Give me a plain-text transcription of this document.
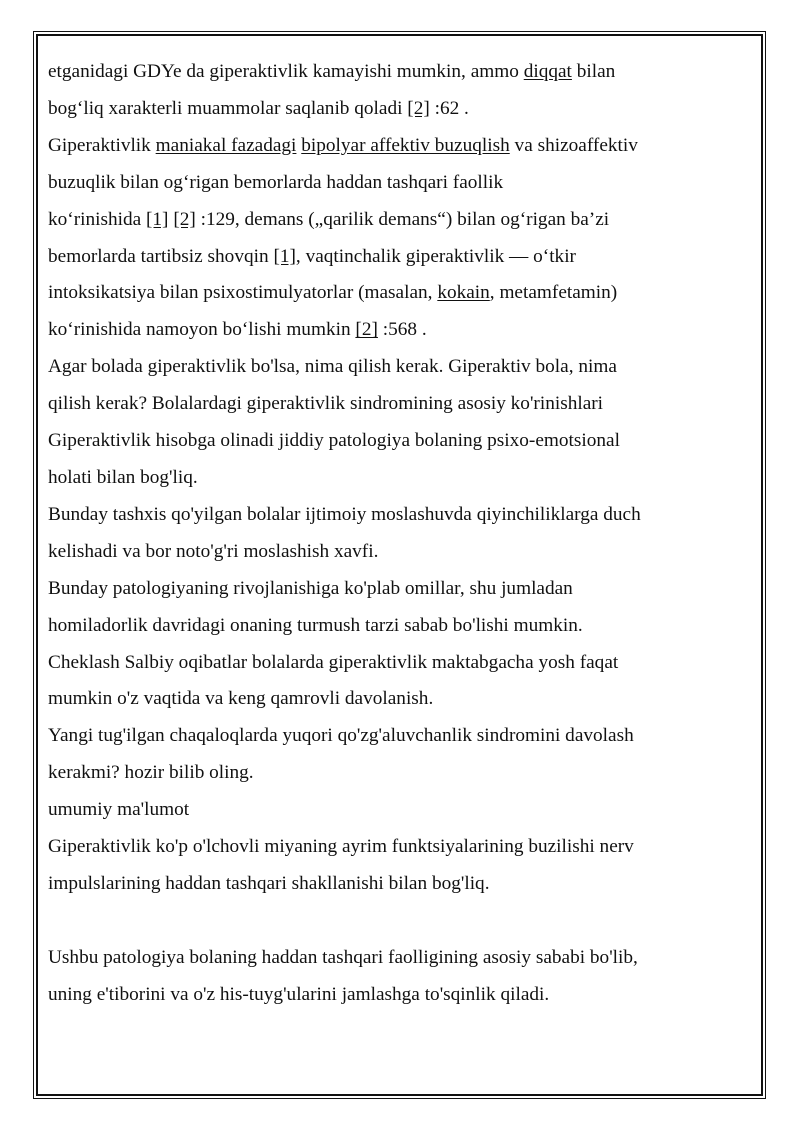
etganidagi GDYe da giperaktivlik kamayishi mumkin, ammo diqqat bilan
bog‘liq xarakterli muammolar saqlanib qoladi [2] :62 .
Giperaktivlik maniakal fazadagi bipolyar affektiv buzuqlish va shizoaffektiv
buzuqlik bilan og‘rigan bemorlarda haddan tashqari faollik
ko‘rinishida [1] [2] :129, demans („qarilik demans“) bilan og‘rigan ba’zi
bemorlarda tartibsiz shovqin [1], vaqtinchalik giperaktivlik — o‘tkir
intoksikatsiya bilan psixostimulyatorlar (masalan, kokain, metamfetamin)
ko‘rinishida namoyon bo‘lishi mumkin [2] :568 .
Agar bolada giperaktivlik bo'lsa, nima qilish kerak. Giperaktiv bola, nima
qilish kerak? Bolalardagi giperaktivlik sindromining asosiy ko'rinishlari
Giperaktivlik hisobga olinadi jiddiy patologiya bolaning psixo-emotsional
holati bilan bog'liq.
Bunday tashxis qo'yilgan bolalar ijtimoiy moslashuvda qiyinchiliklarga duch
kelishadi va bor noto'g'ri moslashish xavfi.
Bunday patologiyaning rivojlanishiga ko'plab omillar, shu jumladan
homiladorlik davridagi onaning turmush tarzi sabab bo'lishi mumkin.
Cheklash Salbiy oqibatlar bolalarda giperaktivlik maktabgacha yosh faqat
mumkin o'z vaqtida va keng qamrovli davolanish.
Yangi tug'ilgan chaqaloqlarda yuqori qo'zg'aluvchanlik sindromini davolash
kerakmi? hozir bilib oling.
umumiy ma'lumot
Giperaktivlik ko'p o'lchovli miyaning ayrim funktsiyalarining buzilishi nerv
impulslarining haddan tashqari shakllanishi bilan bog'liq.
Ushbu patologiya bolaning haddan tashqari faolligining asosiy sababi bo'lib,
uning e'tiborini va o'z his-tuyg'ularini jamlashga to'sqinlik qiladi.
